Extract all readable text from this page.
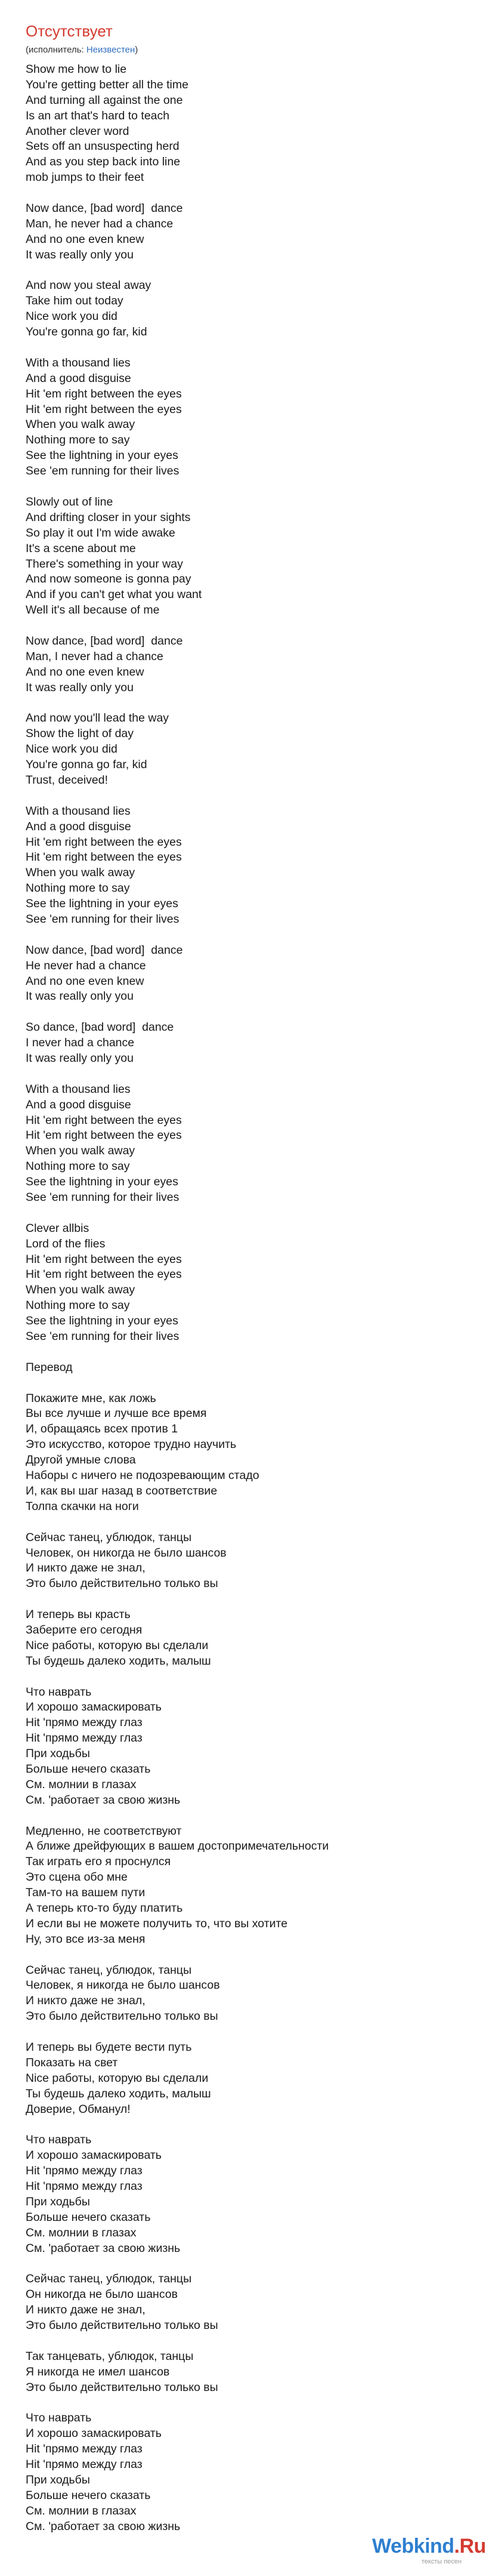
Отсутствует
(исполнитель: Неизвестен)
Show me how to lie
You're getting better all the time
And turning all against the one
Is an art that's hard to teach
Another clever word
Sets off an unsuspecting herd
And as you step back into line
mob jumps to their feet
Now dance, [bad word]  dance
Man, he never had a chance
And no one even knew
It was really only you
And now you steal away
Take him out today
Nice work you did
You're gonna go far, kid
With a thousand lies
And a good disguise
Hit 'em right between the eyes
Hit 'em right between the eyes
When you walk away
Nothing more to say
See the lightning in your eyes
See 'em running for their lives
Slowly out of line
And drifting closer in your sights
So play it out I'm wide awake
It's a scene about me
There's something in your way
And now someone is gonna pay
And if you can't get what you want
Well it's all because of me
Now dance, [bad word]  dance
Man, I never had a chance
And no one even knew
It was really only you
And now you'll lead the way
Show the light of day
Nice work you did
You're gonna go far, kid
Trust, deceived!
With a thousand lies
And a good disguise
Hit 'em right between the eyes
Hit 'em right between the eyes
When you walk away
Nothing more to say
See the lightning in your eyes
See 'em running for their lives
Now dance, [bad word]  dance
He never had a chance
And no one even knew
It was really only you
So dance, [bad word]  dance
I never had a chance
It was really only you
With a thousand lies
And a good disguise
Hit 'em right between the eyes
Hit 'em right between the eyes
When you walk away
Nothing more to say
See the lightning in your eyes
See 'em running for their lives
Clever allbis
Lord of the flies
Hit 'em right between the eyes
Hit 'em right between the eyes
When you walk away
Nothing more to say
See the lightning in your eyes
See 'em running for their lives
Перевод
Покажите мне, как ложь
Вы все лучше и лучше все время
И, обращаясь всех против 1
Это искусство, которое трудно научить
Другой умные слова
Наборы с ничего не подозревающим стадо
И, как вы шаг назад в соответствие
Толпа скачки на ноги
Сейчас танец, ублюдок, танцы
Человек, он никогда не было шансов
И никто даже не знал,
Это было действительно только вы
И теперь вы красть
Заберите его сегодня
Nice работы, которую вы сделали
Ты будешь далеко ходить, малыш
Что наврать
И хорошо замаскировать
Hit 'прямо между глаз
Hit 'прямо между глаз
При ходьбы
Больше нечего сказать
См. молнии в глазах
См. 'работает за свою жизнь
Медленно, не соответствуют
А ближе дрейфующих в вашем достопримечательности
Так играть его я проснулся
Это сцена обо мне
Там-то на вашем пути
А теперь кто-то буду платить
И если вы не можете получить то, что вы хотите
Ну, это все из-за меня
Сейчас танец, ублюдок, танцы
Человек, я никогда не было шансов
И никто даже не знал,
Это было действительно только вы
И теперь вы будете вести путь
Показать на свет
Nice работы, которую вы сделали
Ты будешь далеко ходить, малыш
Доверие, Обманул!
Что наврать
И хорошо замаскировать
Hit 'прямо между глаз
Hit 'прямо между глаз
При ходьбы
Больше нечего сказать
См. молнии в глазах
См. 'работает за свою жизнь
Сейчас танец, ублюдок, танцы
Он никогда не было шансов
И никто даже не знал,
Это было действительно только вы
Так танцевать, ублюдок, танцы
Я никогда не имел шансов
Это было действительно только вы
Что наврать
И хорошо замаскировать
Hit 'прямо между глаз
Hit 'прямо между глаз
При ходьбы
Больше нечего сказать
См. молнии в глазах
См. 'работает за свою жизнь
Webkind.Ru
тексты песен
